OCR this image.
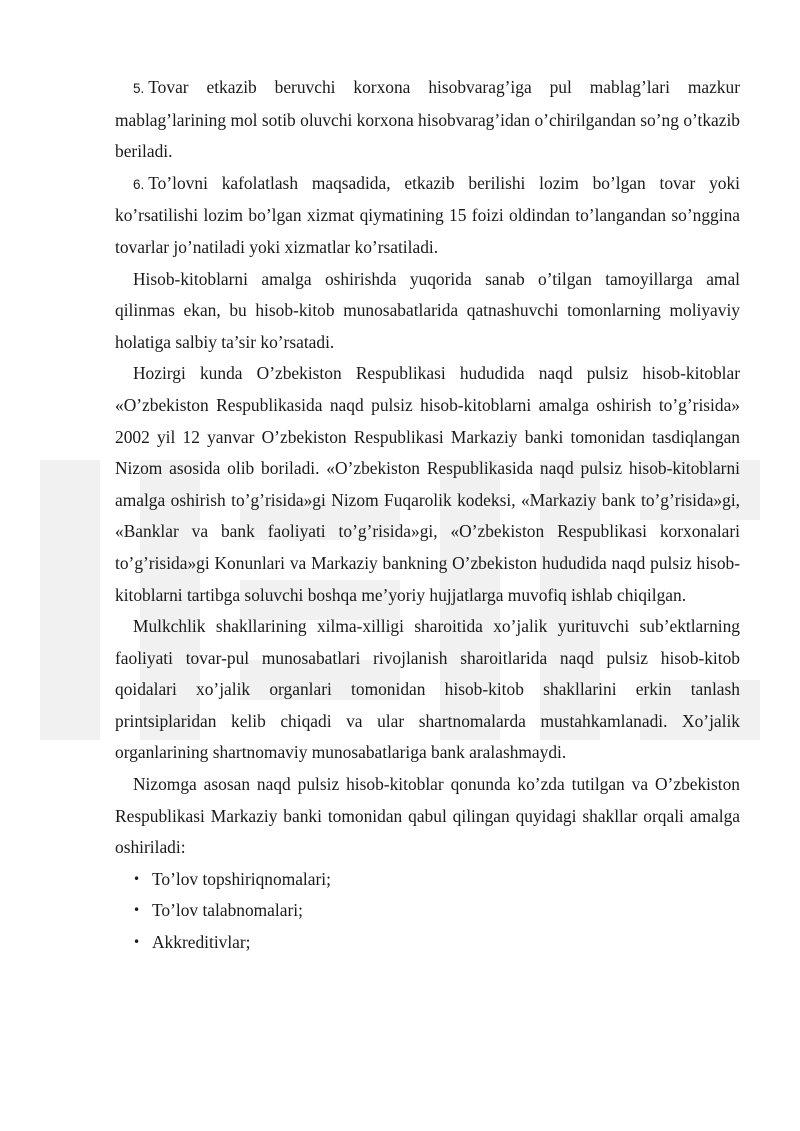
5. Tovar etkazib beruvchi korxona hisobvarag’iga pul mablag’lari mazkur mablag’larining mol sotib oluvchi korxona hisobvarag’idan o’chirilgandan so’ng o’tkazib beriladi.

6. To’lovni kafolatlash maqsadida, etkazib berilishi lozim bo’lgan tovar yoki ko’rsatilishi lozim bo’lgan xizmat qiymatining 15 foizi oldindan to’langandan so’nggina tovarlar jo’natiladi yoki xizmatlar ko’rsatiladi.

Hisob-kitoblarni amalga oshirishda yuqorida sanab o’tilgan tamoyillarga amal qilinmas ekan, bu hisob-kitob munosabatlarida qatnashuvchi tomonlarning moliyaviy holatiga salbiy ta’sir ko’rsatadi.

Hozirgi kunda O’zbekiston Respublikasi hududida naqd pulsiz hisob-kitoblar «O’zbekiston Respublikasida naqd pulsiz hisob-kitoblarni amalga oshirish to’g’risida» 2002 yil 12 yanvar O’zbekiston Respublikasi Markaziy banki tomonidan tasdiqlangan Nizom asosida olib boriladi. «O’zbekiston Respublikasida naqd pulsiz hisob-kitoblarni amalga oshirish to’g’risida»gi Nizom Fuqarolik kodeksi, «Markaziy bank to’g’risida»gi, «Banklar va bank faoliyati to’g’risida»gi, «O’zbekiston Respublikasi korxonalari to’g’risida»gi Konunlari va Markaziy bankning O’zbekiston hududida naqd pulsiz hisob-kitoblarni tartibga soluvchi boshqa me’yoriy hujjatlarga muvofiq ishlab chiqilgan.

Mulkchlik shakllarining xilma-xilligi sharoitida xo’jalik yurituvchi sub’ektlarning faoliyati tovar-pul munosabatlari rivojlanish sharoitlarida naqd pulsiz hisob-kitob qoidalari xo’jalik organlari tomonidan hisob-kitob shakllarini erkin tanlash printsiplaridan kelib chiqadi va ular shartnomalarda mustahkamlanadi. Xo’jalik organlarining shartnomaviy munosabatlariga bank aralashmaydi.

Nizomga asosan naqd pulsiz hisob-kitoblar qonunda ko’zda tutilgan va O’zbekiston Respublikasi Markaziy banki tomonidan qabul qilingan quyidagi shakllar orqali amalga oshiriladi:

• To’lov topshiriqnomalari;
• To’lov talabnomalari;
• Akkreditivlar;
